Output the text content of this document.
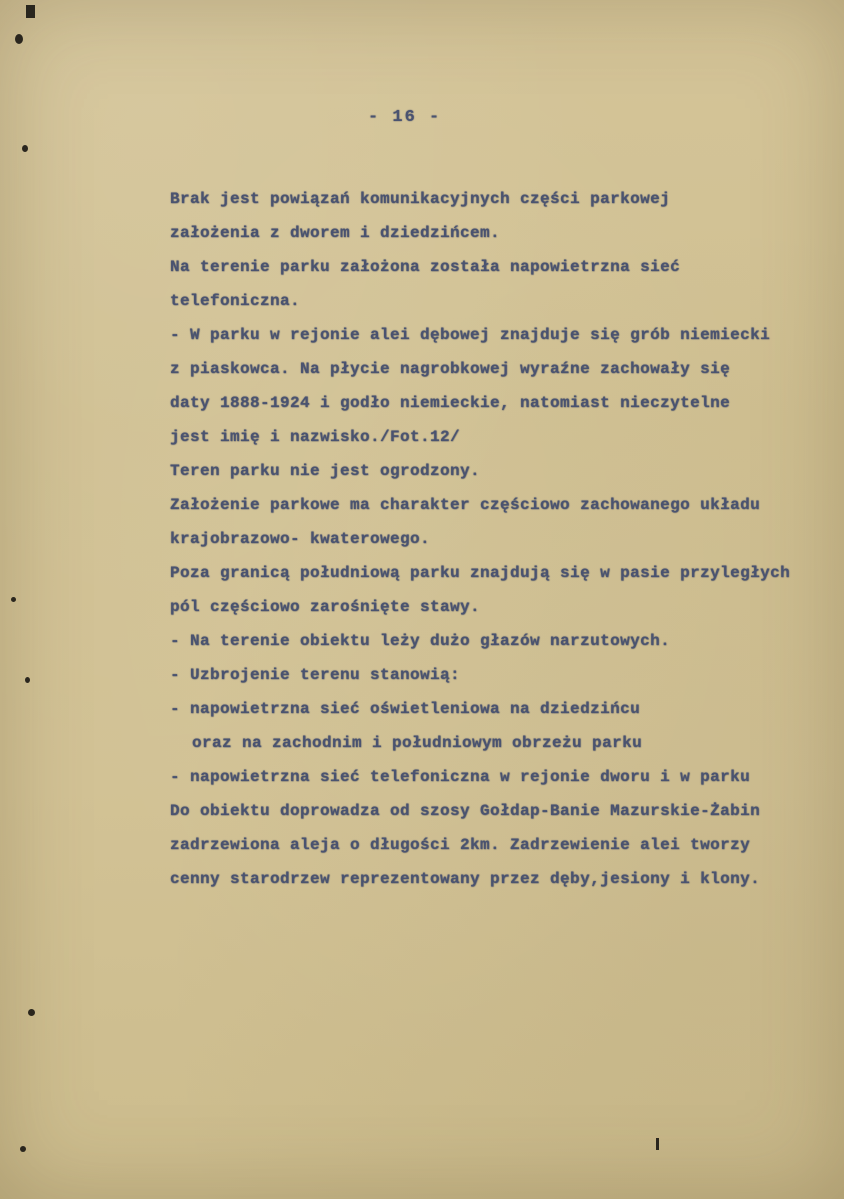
- 16 -
Brak jest powiązań komunikacyjnych części parkowej
założenia z dworem i dziedzińcem.
Na terenie parku założona została napowietrzna sieć
telefoniczna.
- W parku w rejonie alei dębowej znajduje się grób niemiecki
z piaskowca. Na płycie nagrobkowej wyraźne zachowały się
daty 1888-1924 i godło niemieckie, natomiast nieczytelne
jest imię i nazwisko./Fot.12/
Teren parku nie jest ogrodzony.
Założenie parkowe ma charakter częściowo zachowanego układu
krajobrazowo- kwaterowego.
Poza granicą południową parku znajdują się w pasie przyległych
pól częściowo zarośnięte stawy.
- Na terenie obiektu leży dużo głazów narzutowych.
- Uzbrojenie terenu stanowią:
- napowietrzna sieć oświetleniowa na dziedzińcu
oraz na zachodnim i południowym obrzeżu parku
- napowietrzna sieć telefoniczna w rejonie dworu i w parku
Do obiektu doprowadza od szosy Gołdap-Banie Mazurskie-Żabin
zadrzewiona aleja o długości 2km. Zadrzewienie alei tworzy
cenny starodrzew reprezentowany przez dęby,jesiony i klony.
